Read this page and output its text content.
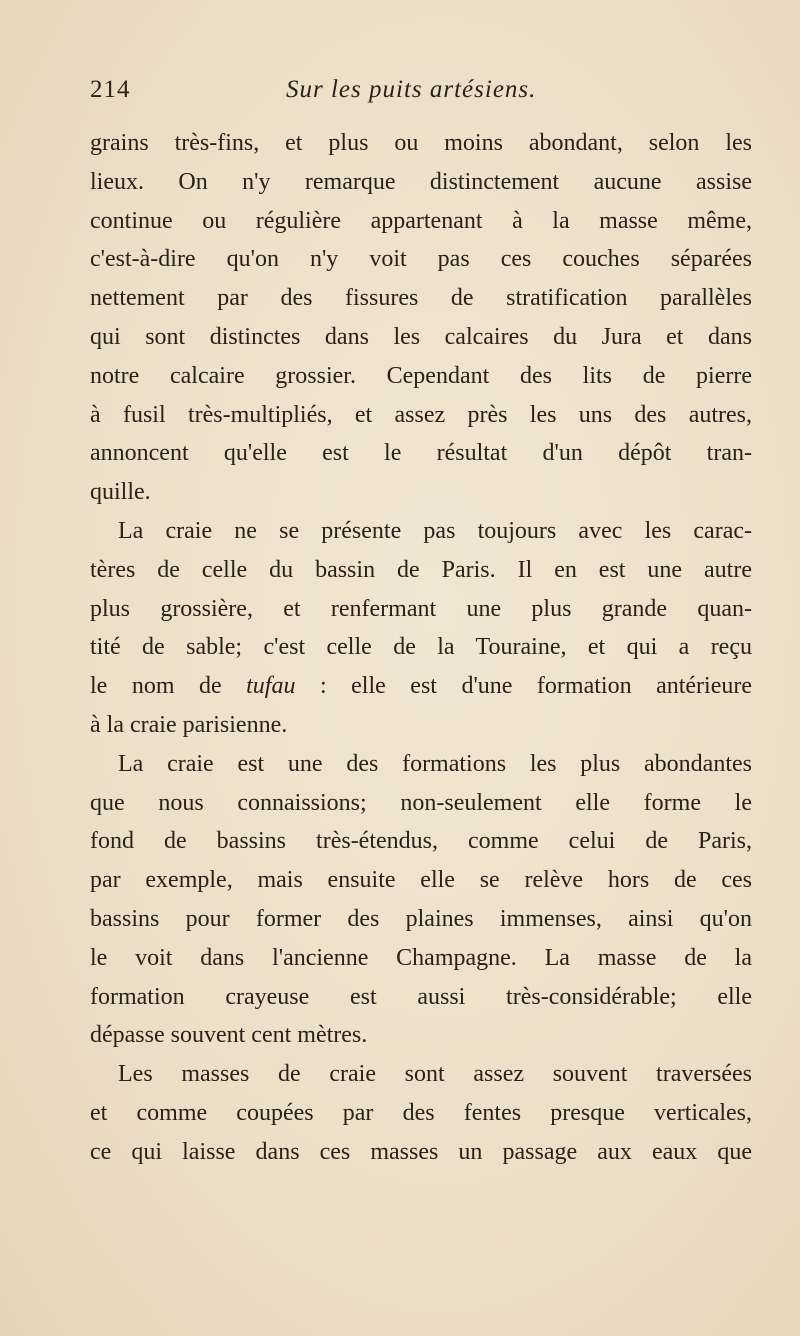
214	Sur les puits artésiens.
grains très-fins, et plus ou moins abondant, selon les
lieux. On n'y remarque distinctement aucune assise
continue ou régulière appartenant à la masse même,
c'est-à-dire qu'on n'y voit pas ces couches séparées
nettement par des fissures de stratification parallèles
qui sont distinctes dans les calcaires du Jura et dans
notre calcaire grossier. Cependant des lits de pierre
à fusil très-multipliés, et assez près les uns des autres,
annoncent qu'elle est le résultat d'un dépôt tran-
quille.
La craie ne se présente pas toujours avec les carac-
tères de celle du bassin de Paris. Il en est une autre
plus grossière, et renfermant une plus grande quan-
tité de sable; c'est celle de la Touraine, et qui a reçu
le nom de tufau : elle est d'une formation antérieure
à la craie parisienne.
La craie est une des formations les plus abondantes
que nous connaissions; non-seulement elle forme le
fond de bassins très-étendus, comme celui de Paris,
par exemple, mais ensuite elle se relève hors de ces
bassins pour former des plaines immenses, ainsi qu'on
le voit dans l'ancienne Champagne. La masse de la
formation crayeuse est aussi très-considérable; elle
dépasse souvent cent mètres.
Les masses de craie sont assez souvent traversées
et comme coupées par des fentes presque verticales,
ce qui laisse dans ces masses un passage aux eaux que
